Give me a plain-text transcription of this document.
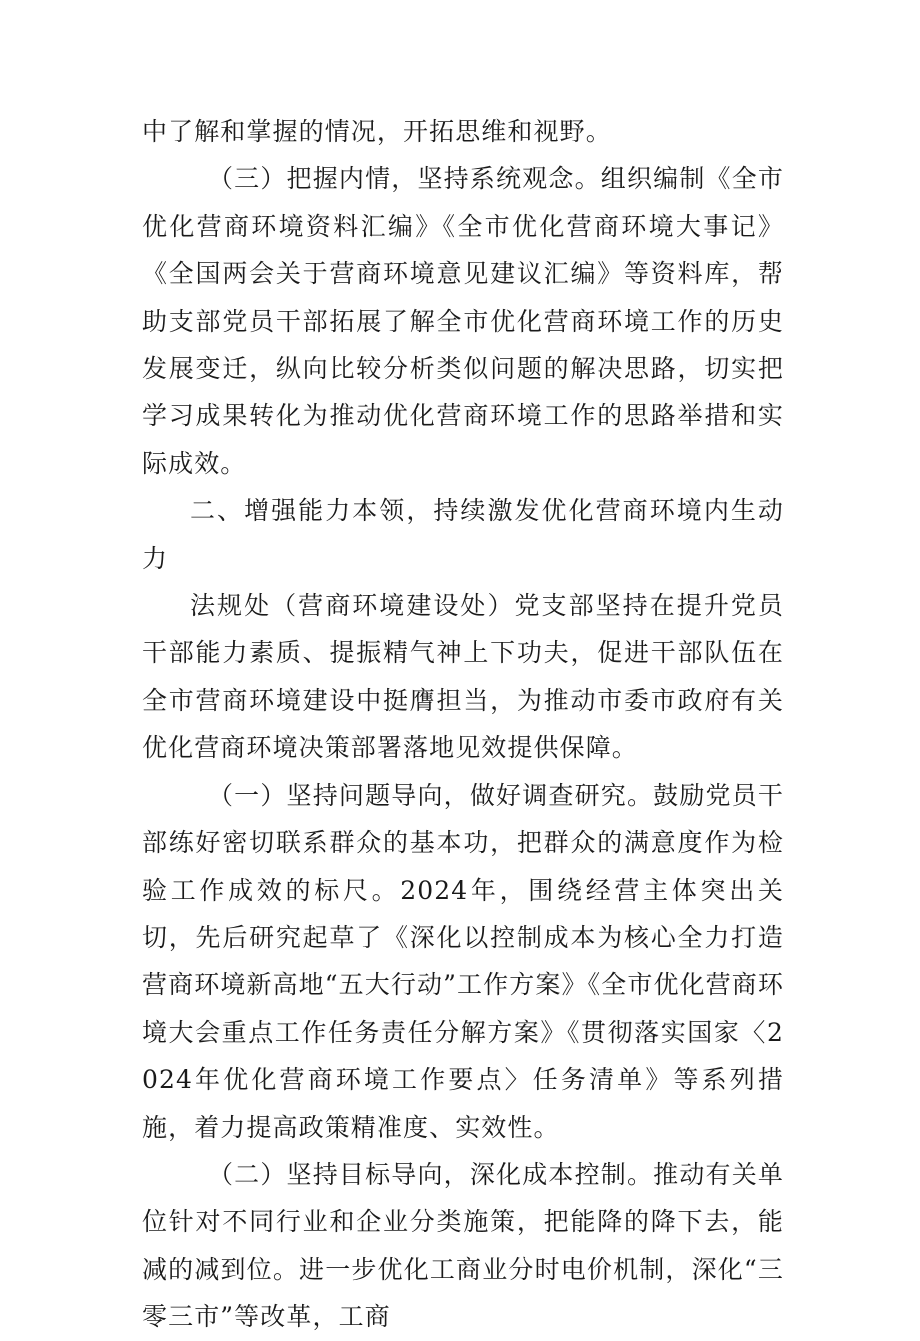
中了解和掌握的情况，开拓思维和视野。

（三）把握内情，坚持系统观念。组织编制《全市优化营商环境资料汇编》《全市优化营商环境大事记》《全国两会关于营商环境意见建议汇编》等资料库，帮助支部党员干部拓展了解全市优化营商环境工作的历史发展变迁，纵向比较分析类似问题的解决思路，切实把学习成果转化为推动优化营商环境工作的思路举措和实际成效。

二、增强能力本领，持续激发优化营商环境内生动力

法规处（营商环境建设处）党支部坚持在提升党员干部能力素质、提振精气神上下功夫，促进干部队伍在全市营商环境建设中挺膺担当，为推动市委市政府有关优化营商环境决策部署落地见效提供保障。

（一）坚持问题导向，做好调查研究。鼓励党员干部练好密切联系群众的基本功，把群众的满意度作为检验工作成效的标尺。2024年，围绕经营主体突出关切，先后研究起草了《深化以控制成本为核心全力打造营商环境新高地“五大行动”工作方案》《全市优化营商环境大会重点工作任务责任分解方案》《贯彻落实国家〈2024年优化营商环境工作要点〉任务清单》等系列措施，着力提高政策精准度、实效性。

（二）坚持目标导向，深化成本控制。推动有关单位针对不同行业和企业分类施策，把能降的降下去，能减的减到位。进一步优化工商业分时电价机制，深化“三零三市”等改革，工商
